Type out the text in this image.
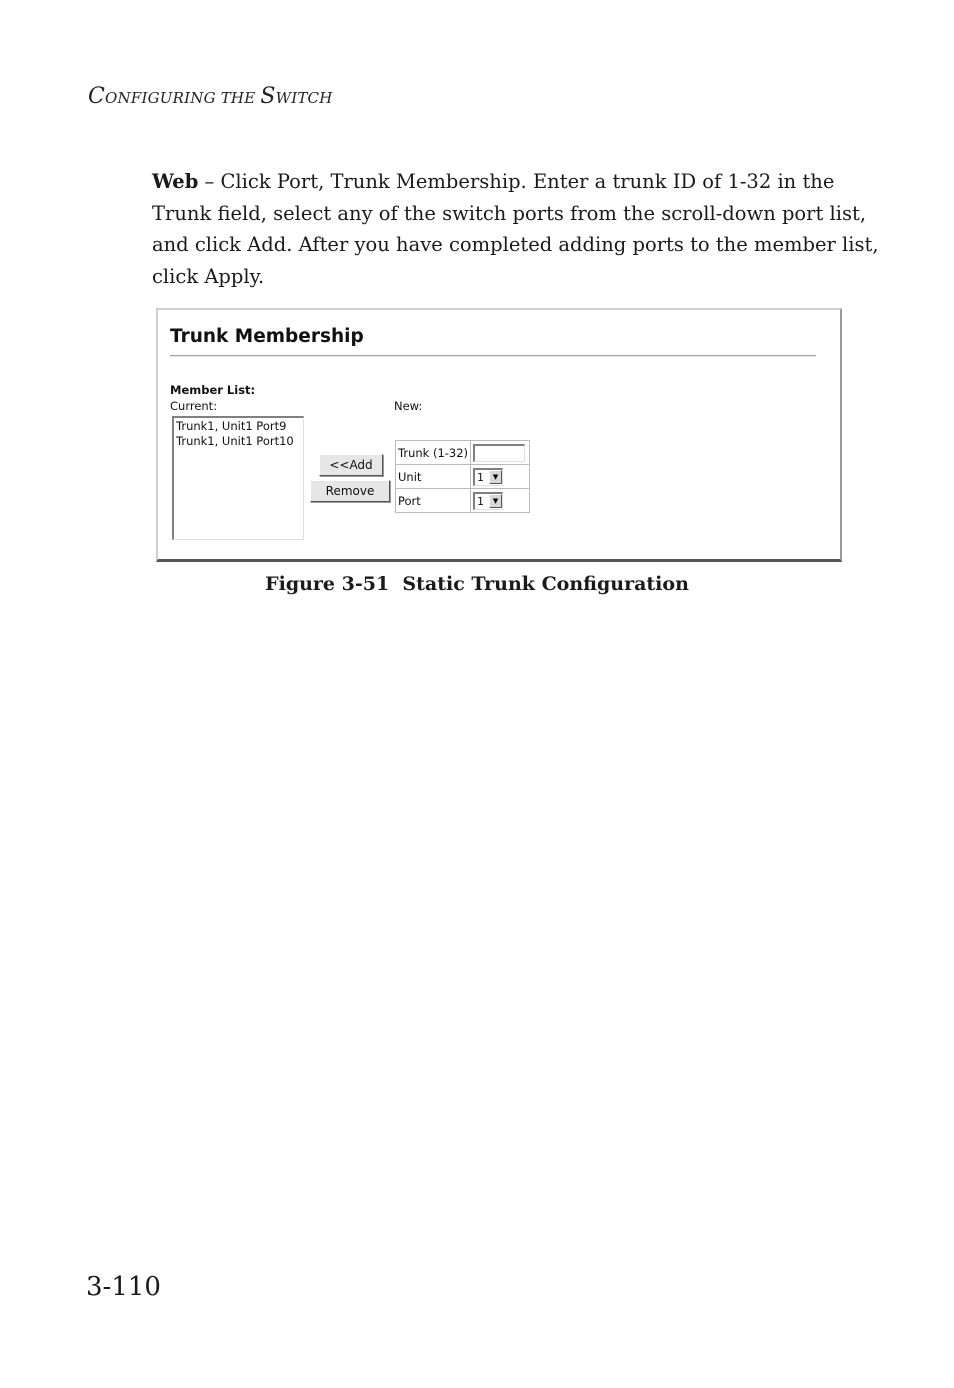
CONFIGURING THE SWITCH
Web – Click Port, Trunk Membership. Enter a trunk ID of 1-32 in the
Trunk field, select any of the switch ports from the scroll-down port list,
and click Add. After you have completed adding ports to the member list,
click Apply.
Trunk Membership
Member List:
Current:	New:
Trunk1, Unit1 Port9
Trunk1, Unit1 Port10
<<Add
Remove
Trunk (1-32)	

Unit	1 ▼

Port	1 ▼
Figure 3-51  Static Trunk Configuration
3-110
